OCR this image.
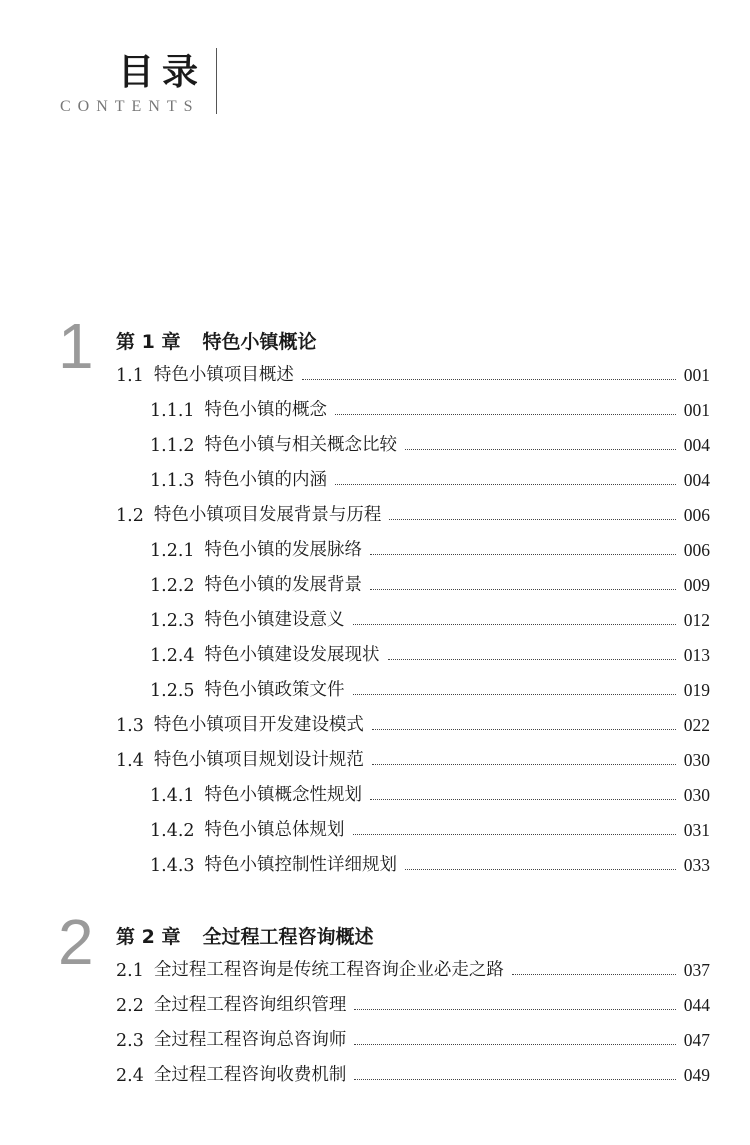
目录
CONTENTS
1 第 1 章 特色小镇概论
1.1 特色小镇项目概述	001
1.1.1 特色小镇的概念	001
1.1.2 特色小镇与相关概念比较	004
1.1.3 特色小镇的内涵	004
1.2 特色小镇项目发展背景与历程	006
1.2.1 特色小镇的发展脉络	006
1.2.2 特色小镇的发展背景	009
1.2.3 特色小镇建设意义	012
1.2.4 特色小镇建设发展现状	013
1.2.5 特色小镇政策文件	019
1.3 特色小镇项目开发建设模式	022
1.4 特色小镇项目规划设计规范	030
1.4.1 特色小镇概念性规划	030
1.4.2 特色小镇总体规划	031
1.4.3 特色小镇控制性详细规划	033
2 第 2 章 全过程工程咨询概述
2.1 全过程工程咨询是传统工程咨询企业必走之路	037
2.2 全过程工程咨询组织管理	044
2.3 全过程工程咨询总咨询师	047
2.4 全过程工程咨询收费机制	049
